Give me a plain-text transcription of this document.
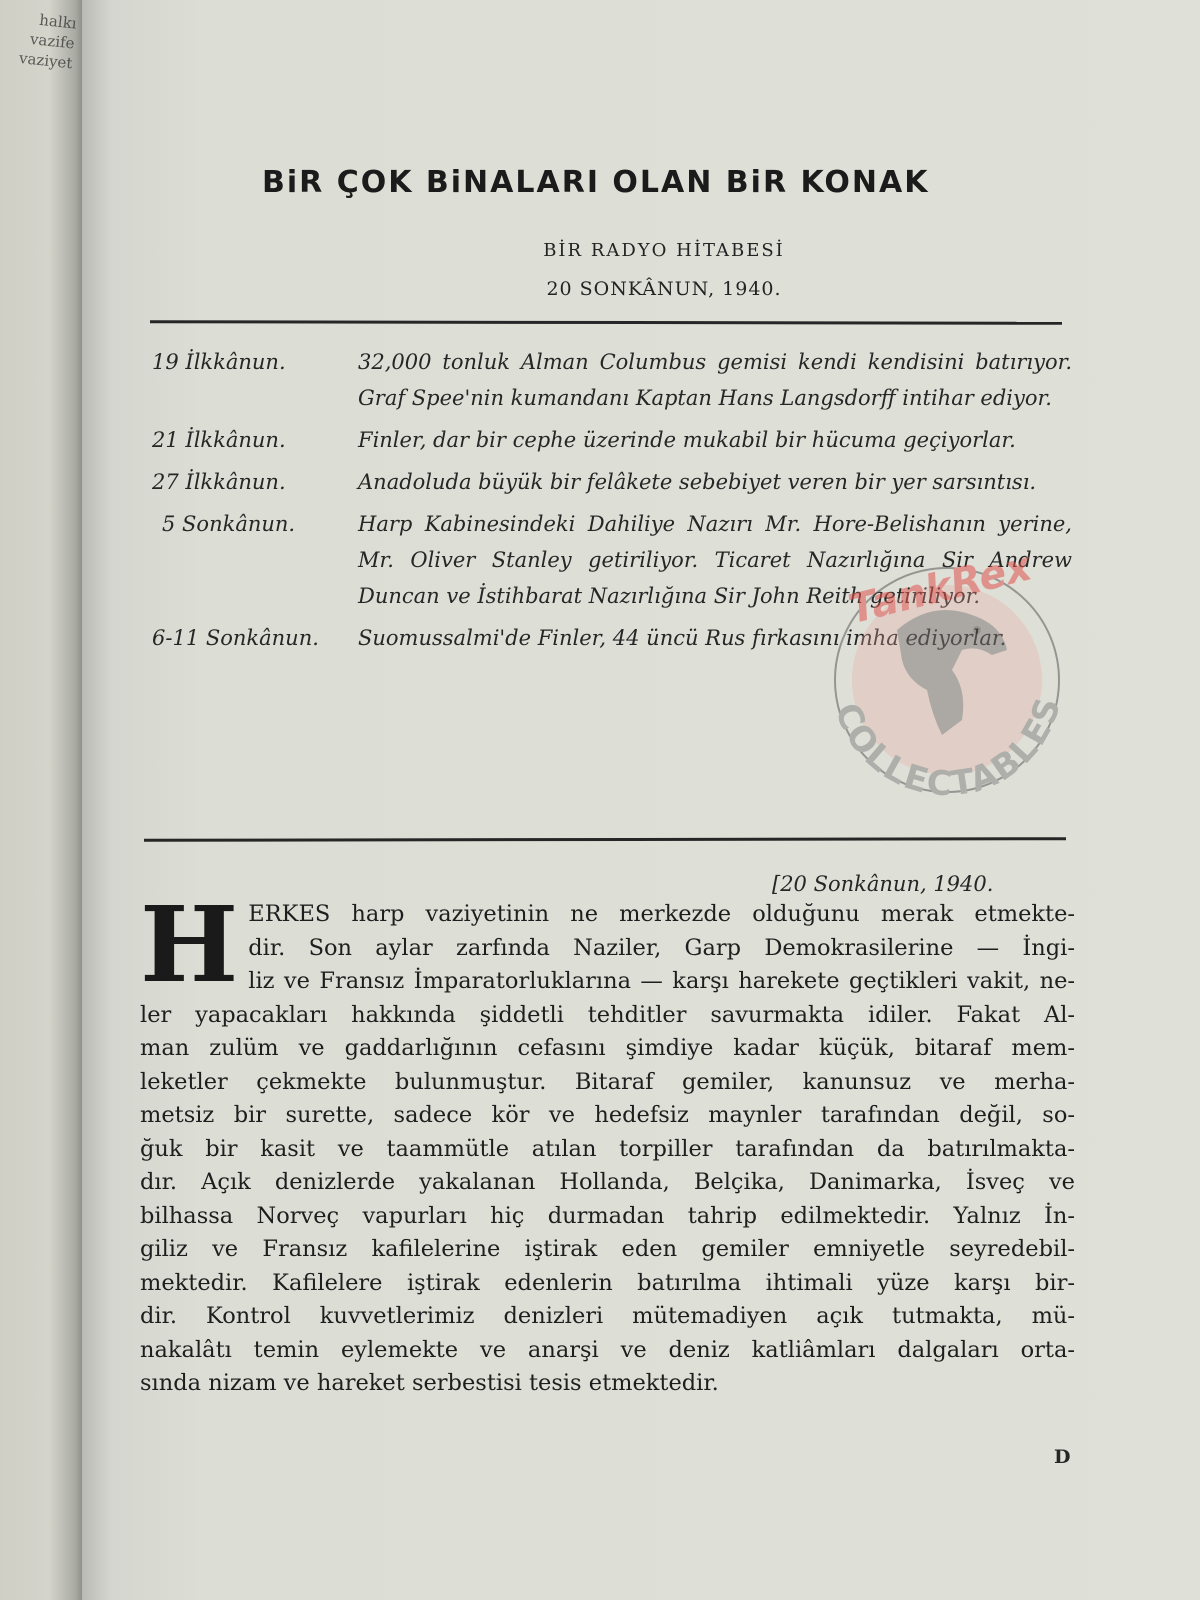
halkı
vazife
vaziyet
BiR ÇOK BiNALARI OLAN BiR KONAK
BİR RADYO HİTABESİ
20 SONKÂNUN, 1940.
19 İlkkânun.	32,000 tonluk Alman Columbus gemisi kendi kendisini batırıyor. Graf Spee'nin kumandanı Kaptan Hans Langsdorff intihar ediyor.
21 İlkkânun.	Finler, dar bir cephe üzerinde mukabil bir hücuma geçiyorlar.
27 İlkkânun.	Anadoluda büyük bir felâkete sebebiyet veren bir yer sarsıntısı.
5 Sonkânun.	Harp Kabinesindeki Dahiliye Nazırı Mr. Hore-Belishanın yerine, Mr. Oliver Stanley getiriliyor. Ticaret Nazırlığına Sir Andrew Duncan ve İstihbarat Nazırlığına Sir John Reith getiriliyor.
6-11 Sonkânun.	Suomussalmi'de Finler, 44 üncü Rus fırkasını imha ediyorlar.
[20 Sonkânun, 1940.
H ERKES harp vaziyetinin ne merkezde olduğunu merak etmekte-
dir. Son aylar zarfında Naziler, Garp Demokrasilerine — İngi-
liz ve Fransız İmparatorluklarına — karşı harekete geçtikleri vakit, ne-
ler yapacakları hakkında şiddetli tehditler savurmakta idiler. Fakat Al-
man zulüm ve gaddarlığının cefasını şimdiye kadar küçük, bitaraf mem-
leketler çekmekte bulunmuştur. Bitaraf gemiler, kanunsuz ve merha-
metsiz bir surette, sadece kör ve hedefsiz maynler tarafından değil, so-
ğuk bir kasit ve taammütle atılan torpiller tarafından da batırılmakta-
dır. Açık denizlerde yakalanan Hollanda, Belçika, Danimarka, İsveç ve
bilhassa Norveç vapurları hiç durmadan tahrip edilmektedir. Yalnız İn-
giliz ve Fransız kafilelerine iştirak eden gemiler emniyetle seyredebil-
mektedir. Kafilelere iştirak edenlerin batırılma ihtimali yüze karşı bir-
dir. Kontrol kuvvetlerimiz denizleri mütemadiyen açık tutmakta, mü-
nakalâtı temin eylemekte ve anarşi ve deniz katliâmları dalgaları orta-
sında nizam ve hareket serbestisi tesis etmektedir.
D
TankRex
COLLECTABLES
